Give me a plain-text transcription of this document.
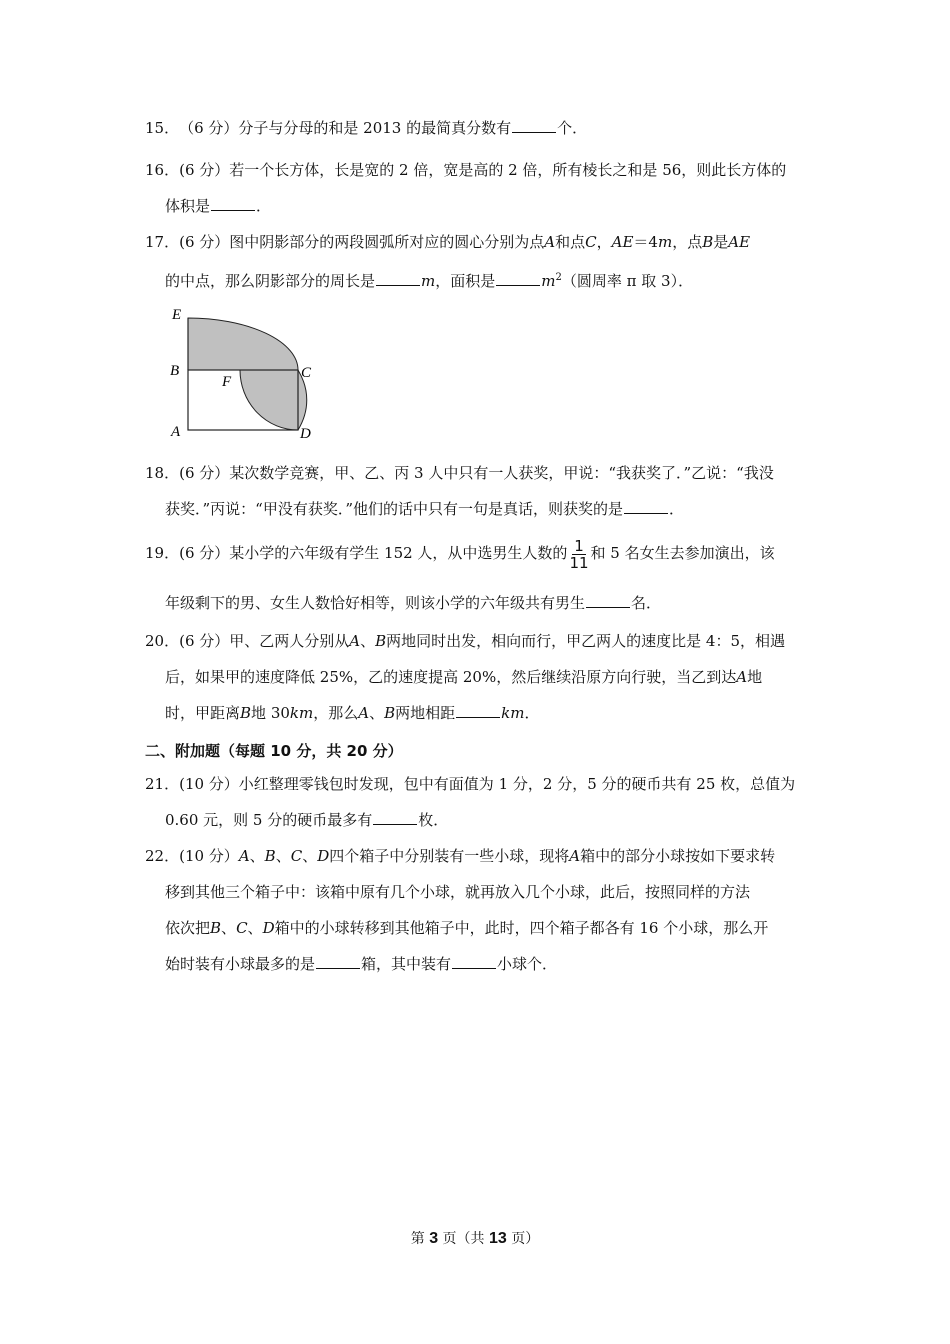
15．（6 分）分子与分母的和是 2013 的最简真分数有	个．
16．(6 分）若一个长方体，长是宽的 2 倍，宽是高的 2 倍，所有棱长之和是 56，则此长方体的
体积是	．
17．(6 分）图中阴影部分的两段圆弧所对应的圆心分别为点A和点C，AE＝4m，点B是AE
的中点，那么阴影部分的周长是	m，面积是	$m^2$（圆周率 π 取 3）．
E
B
A
F
C
D
18．(6 分）某次数学竞赛，甲、乙、丙 3 人中只有一人获奖，甲说：“我获奖了．”乙说：“我没
获奖．”丙说：“甲没有获奖．”他们的话中只有一句是真话，则获奖的是	．
19．(6 分）某小学的六年级有学生 152 人，从中选男生人数的 $\frac{1}{11}$ 和 5 名女生去参加演出，该
年级剩下的男、女生人数恰好相等，则该小学的六年级共有男生	名．
20．(6 分）甲、乙两人分别从A、B两地同时出发，相向而行，甲乙两人的速度比是 4：5，相遇
后，如果甲的速度降低 25%，乙的速度提高 20%，然后继续沿原方向行驶，当乙到达A地
时，甲距离B地 30km，那么A、B两地相距	km．
二、附加题（每题 10 分，共 20 分）
21．(10 分）小红整理零钱包时发现，包中有面值为 1 分，2 分，5 分的硬币共有 25 枚，总值为
0.60 元，则 5 分的硬币最多有	枚．
22．(10 分）A、B、C、D四个箱子中分别装有一些小球，现将A箱中的部分小球按如下要求转
移到其他三个箱子中：该箱中原有几个小球，就再放入几个小球，此后，按照同样的方法
依次把B、C、D箱中的小球转移到其他箱子中，此时，四个箱子都各有 16 个小球，那么开
始时装有小球最多的是	箱，其中装有	小球个．
第 3 页（共 13 页）
